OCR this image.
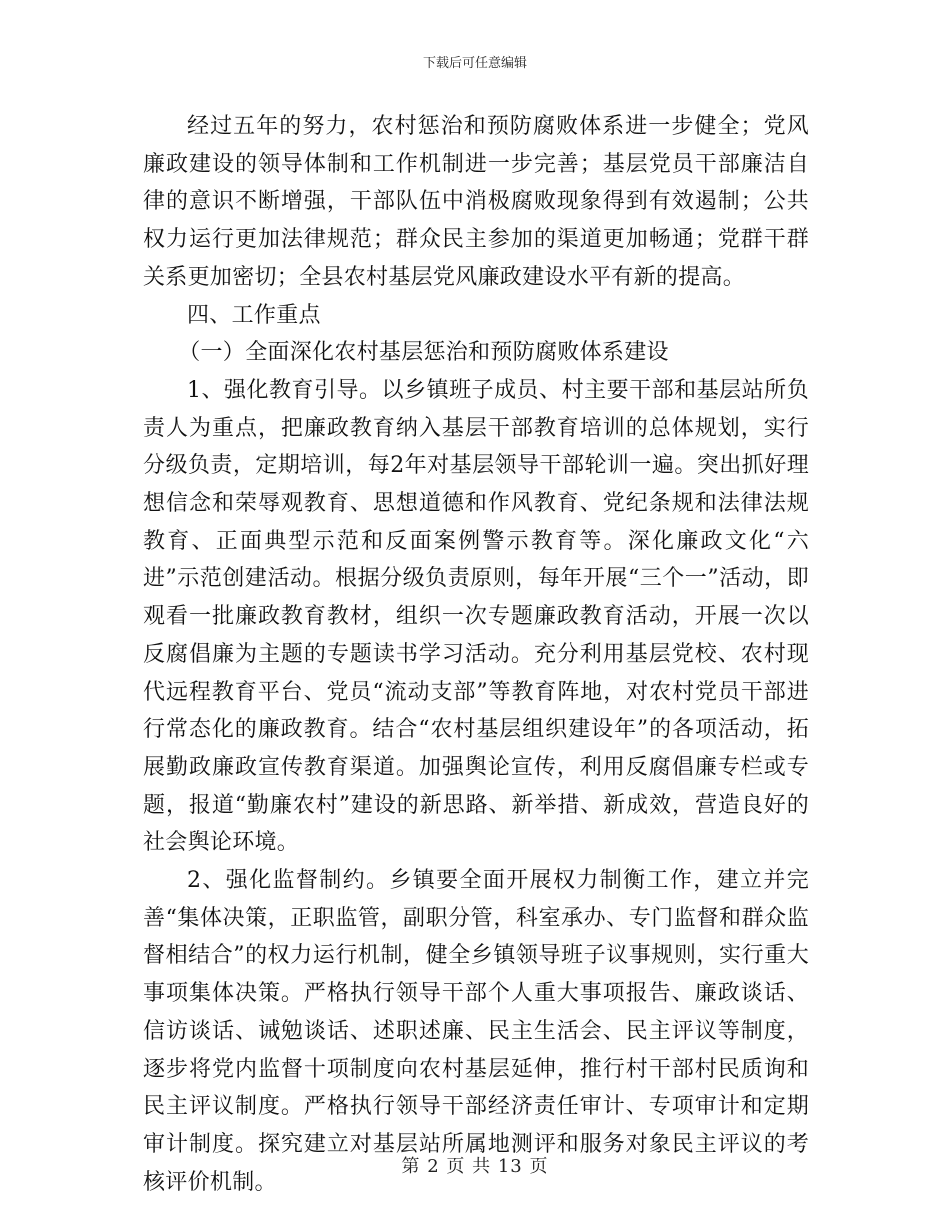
下载后可任意编辑

经过五年的努力，农村惩治和预防腐败体系进一步健全；党风廉政建设的领导体制和工作机制进一步完善；基层党员干部廉洁自律的意识不断增强，干部队伍中消极腐败现象得到有效遏制；公共权力运行更加法律规范；群众民主参加的渠道更加畅通；党群干群关系更加密切；全县农村基层党风廉政建设水平有新的提高。

四、工作重点

（一）全面深化农村基层惩治和预防腐败体系建设

1、强化教育引导。以乡镇班子成员、村主要干部和基层站所负责人为重点，把廉政教育纳入基层干部教育培训的总体规划，实行分级负责，定期培训，每2年对基层领导干部轮训一遍。突出抓好理想信念和荣辱观教育、思想道德和作风教育、党纪条规和法律法规教育、正面典型示范和反面案例警示教育等。深化廉政文化“六进”示范创建活动。根据分级负责原则，每年开展“三个一”活动，即观看一批廉政教育教材，组织一次专题廉政教育活动，开展一次以反腐倡廉为主题的专题读书学习活动。充分利用基层党校、农村现代远程教育平台、党员“流动支部”等教育阵地，对农村党员干部进行常态化的廉政教育。结合“农村基层组织建设年”的各项活动，拓展勤政廉政宣传教育渠道。加强舆论宣传，利用反腐倡廉专栏或专题，报道“勤廉农村”建设的新思路、新举措、新成效，营造良好的社会舆论环境。

2、强化监督制约。乡镇要全面开展权力制衡工作，建立并完善“集体决策，正职监管，副职分管，科室承办、专门监督和群众监督相结合”的权力运行机制，健全乡镇领导班子议事规则，实行重大事项集体决策。严格执行领导干部个人重大事项报告、廉政谈话、信访谈话、诫勉谈话、述职述廉、民主生活会、民主评议等制度，逐步将党内监督十项制度向农村基层延伸，推行村干部村民质询和民主评议制度。严格执行领导干部经济责任审计、专项审计和定期审计制度。探究建立对基层站所属地测评和服务对象民主评议的考核评价机制。

第 2 页 共 13 页
